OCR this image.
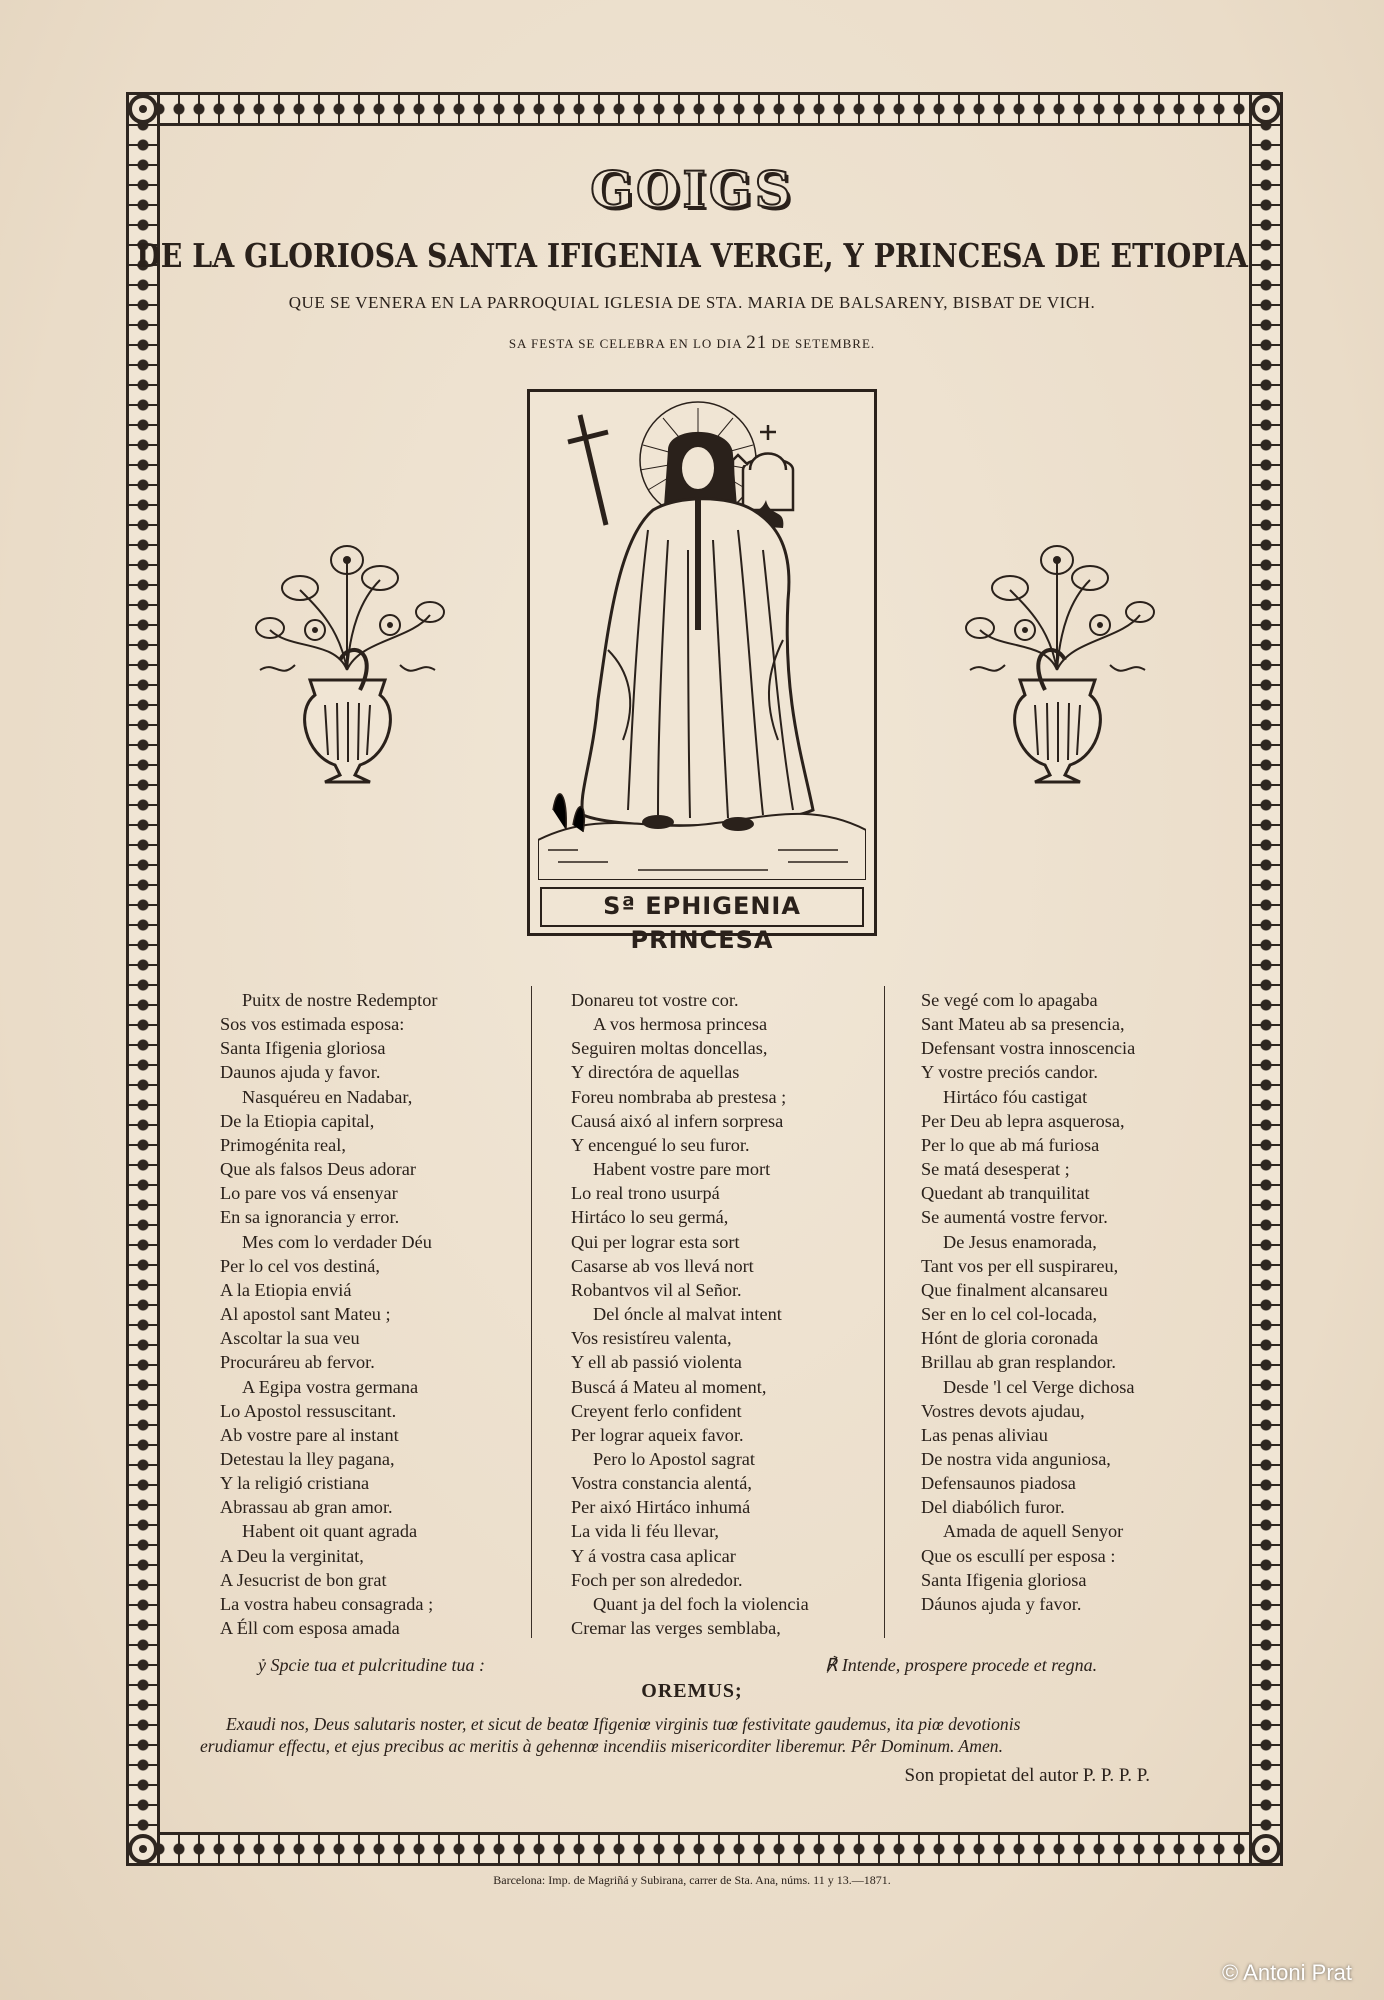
GOIGS
DE LA GLORIOSA SANTA IFIGENIA VERGE, Y PRINCESA DE ETIOPIA
QUE SE VENERA EN LA PARROQUIAL IGLESIA DE STA. MARIA DE BALSARENY, BISBAT DE VICH.
SA FESTA SE CELEBRA EN LO DIA 21 DE SETEMBRE.
Sª EPHIGENIA PRINCESA
Puitx de nostre Redemptor
Sos vos estimada esposa:
Santa Ifigenia gloriosa
Daunos ajuda y favor.
Nasquéreu en Nadabar,
De la Etiopia capital,
Primogénita real,
Que als falsos Deus adorar
Lo pare vos vá ensenyar
En sa ignorancia y error.
Mes com lo verdader Déu
Per lo cel vos destiná,
A la Etiopia enviá
Al apostol sant Mateu ;
Ascoltar la sua veu
Procuráreu ab fervor.
A Egipa vostra germana
Lo Apostol ressuscitant.
Ab vostre pare al instant
Detestau la lley pagana,
Y la religió cristiana
Abrassau ab gran amor.
Habent oit quant agrada
A Deu la verginitat,
A Jesucrist de bon grat
La vostra habeu consagrada ;
A Éll com esposa amada
Donareu tot vostre cor.
A vos hermosa princesa
Seguiren moltas doncellas,
Y directóra de aquellas
Foreu nombraba ab prestesa ;
Causá aixó al infern sorpresa
Y encengué lo seu furor.
Habent vostre pare mort
Lo real trono usurpá
Hirtáco lo seu germá,
Qui per lograr esta sort
Casarse ab vos llevá nort
Robantvos vil al Señor.
Del óncle al malvat intent
Vos resistíreu valenta,
Y ell ab passió violenta
Buscá á Mateu al moment,
Creyent ferlo confident
Per lograr aqueix favor.
Pero lo Apostol sagrat
Vostra constancia alentá,
Per aixó Hirtáco inhumá
La vida li féu llevar,
Y á vostra casa aplicar
Foch per son alrededor.
Quant ja del foch la violencia
Cremar las verges semblaba,
Se vegé com lo apagaba
Sant Mateu ab sa presencia,
Defensant vostra innoscencia
Y vostre preciós candor.
Hirtáco fóu castigat
Per Deu ab lepra asquerosa,
Per lo que ab má furiosa
Se matá desesperat ;
Quedant ab tranquilitat
Se aumentá vostre fervor.
De Jesus enamorada,
Tant vos per ell suspirareu,
Que finalment alcansareu
Ser en lo cel col-locada,
Hónt de gloria coronada
Brillau ab gran resplandor.
Desde 'l cel Verge dichosa
Vostres devots ajudau,
Las penas aliviau
De nostra vida anguniosa,
Defensaunos piadosa
Del diabólich furor.
Amada de aquell Senyor
Que os escullí per esposa :
Santa Ifigenia gloriosa
Dáunos ajuda y favor.
ỷ Spcie tua et pulcritudine tua :	℟ Intende, prospere procede et regna.
OREMUS;
Exaudi nos, Deus salutaris noster, et sicut de beatœ Ifigeniœ virginis tuœ festivitate gaudemus, ita piœ devotionis
erudiamur effectu, et ejus precibus ac meritis à gehennœ incendiis misericorditer liberemur. Pêr Dominum. Amen.
Son propietat del autor P. P. P. P.
Barcelona: Imp. de Magriñá y Subirana, carrer de Sta. Ana, núms. 11 y 13.—1871.
© Antoni Prat
